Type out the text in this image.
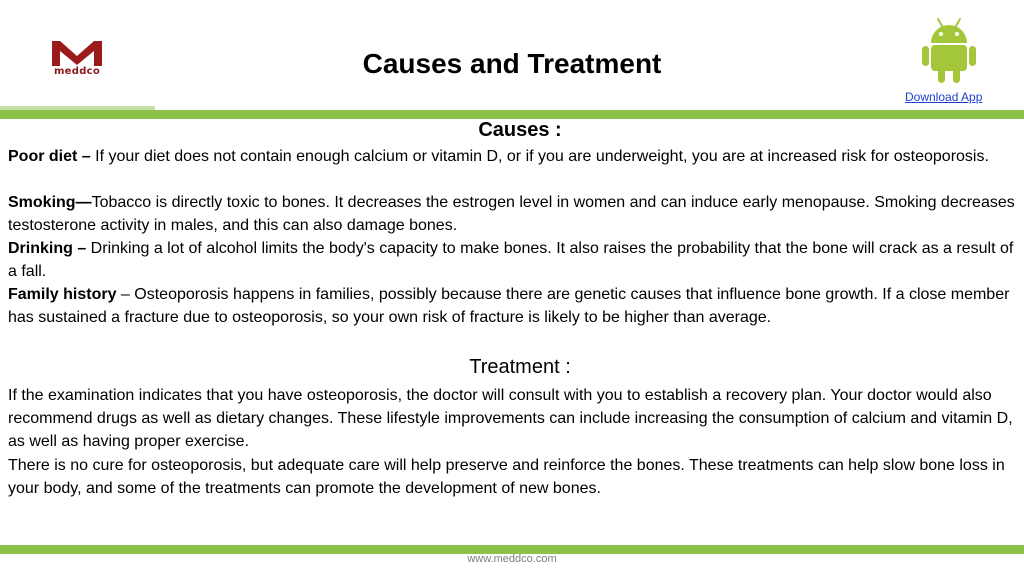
meddco	Causes and Treatment
Download App
Causes :

Poor diet – If your diet does not contain enough calcium or vitamin D, or if you are underweight, you are at increased risk for osteoporosis.

Smoking—Tobacco is directly toxic to bones. It decreases the estrogen level in women and can induce early menopause. Smoking decreases testosterone activity in males, and this can also damage bones.

Drinking – Drinking a lot of alcohol limits the body's capacity to make bones. It also raises the probability that the bone will crack as a result of a fall.

Family history – Osteoporosis happens in families, possibly because there are genetic causes that influence bone growth. If a close member has sustained a fracture due to osteoporosis, so your own risk of fracture is likely to be higher than average.

Treatment :

If the examination indicates that you have osteoporosis, the doctor will consult with you to establish a recovery plan. Your doctor would also recommend drugs as well as dietary changes. These lifestyle improvements can include increasing the consumption of calcium and vitamin D, as well as having proper exercise.

There is no cure for osteoporosis, but adequate care will help preserve and reinforce the bones. These treatments can help slow bone loss in your body, and some of the treatments can promote the development of new bones.

www.meddco.com
